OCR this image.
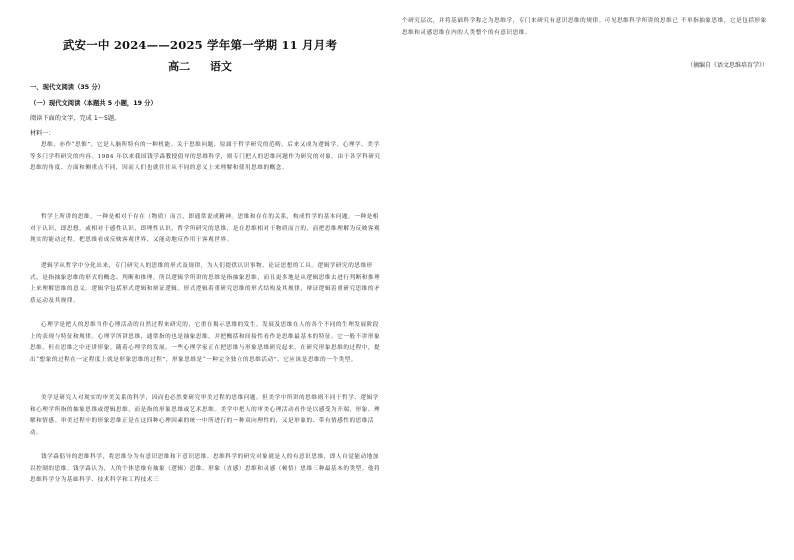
武安一中 2024——2025 学年第一学期 11 月月考
高二 语文
一、现代文阅读（35 分）
（一）现代文阅读（本题共 5 小题，19 分）
阅读下面的文字，完成 1～5题。
材料一：
思维，亦作“思惟”，它是人脑所特有的一种机能。关于思维问题，原属于哲学研究的范畴，后来又成为逻辑学、心理学、美学等多门学科研究的内容。1984 年以来我国钱学森教授倡导的思维科学，则专门把人的思维问题作为研究的对象。由于各学科研究思维的角度、方面和侧重点不同，因而人们也就往往从不同的意义上来理解和使用思维的概念。
哲学上所讲的思维，一种是相对于存在（物质）而言，即通常说成精神。思维和存在的关系，构成哲学的基本问题。一种是相对于认识，即思想，或相对于感性认识，即理性认识。哲学所研究的思维，是在思维相对于物质而言的，而把思维理解为反映客观现实的能动过程，把思维看成反映客观世界、又能动地反作用于客观世界。
逻辑学从哲学中分化出来，专门研究人的思维的形式及规律，为人们提供认识事物、论证思想的工具。逻辑学研究的思维形式，是指抽象思维的形式的概念、判断和推理。所以逻辑学所讲的思维是指抽象思维，而且更多地是从逻辑思维去进行判断和推理上来理解思维的意义。逻辑学包括形式逻辑和辩证逻辑。形式逻辑着重研究思维的形式结构及其规律，辩证逻辑着重研究思维的矛盾运动及其规律。
心理学是把人的思维当作心理活动的自然过程来研究的，它重在揭示思维的发生、发展及思维在人的各个不同的生理发展阶段上的表现与特征和规律。心理学所讲思维，通常指的也是抽象思维，并把概括和间接性看作是思维最基本的特征。它一般不讲形象思维，但在思维之中还讲形象。随着心理学的发展，一些心理学家正在把思维与形象思维研究起来，在研究形象思维的过程中，提出“想象的过程在一定程度上就是形象思维的过程”，形象思维是“一种完全独立的思维活动”，它应该是思维的一个类型。
美学是研究人对现实的审美关系的科学，因而也必然要研究审美过程的思维问题。但美学中所讲的思维则不同于哲学、逻辑学和心理学所指的抽象思维或逻辑思维，而是指的形象思维或艺术思维。美学中把人的审美心理活动看作是以感受为开端、形象、理解和情感。审美过程中的形象思维正是在这四种心理因素的统一中所进行的一种双向理性的，又是形象的、带有情感性的思维活动。
钱学森倡导的思维科学，将思维分为有意识思维和下意识思维。思维科学的研究对象就是人的有意识思维，即人自觉能动地加以控制的思维。钱学森认为，人的个体思维有抽象（逻辑）思维、形象（直感）思维和灵感（顿悟）思维三种最基本的类型。他将思维科学分为基础科学、技术科学和工程技术三
个研究层次，并将基础科学称之为思维学，专门来研究有意识思维的规律。可见思维科学所讲的思维已 不单指抽象思维，它是包括形象思维和灵感思维在内的人类整个的有意识思维。
（摘编自《语文思维培育学》）
